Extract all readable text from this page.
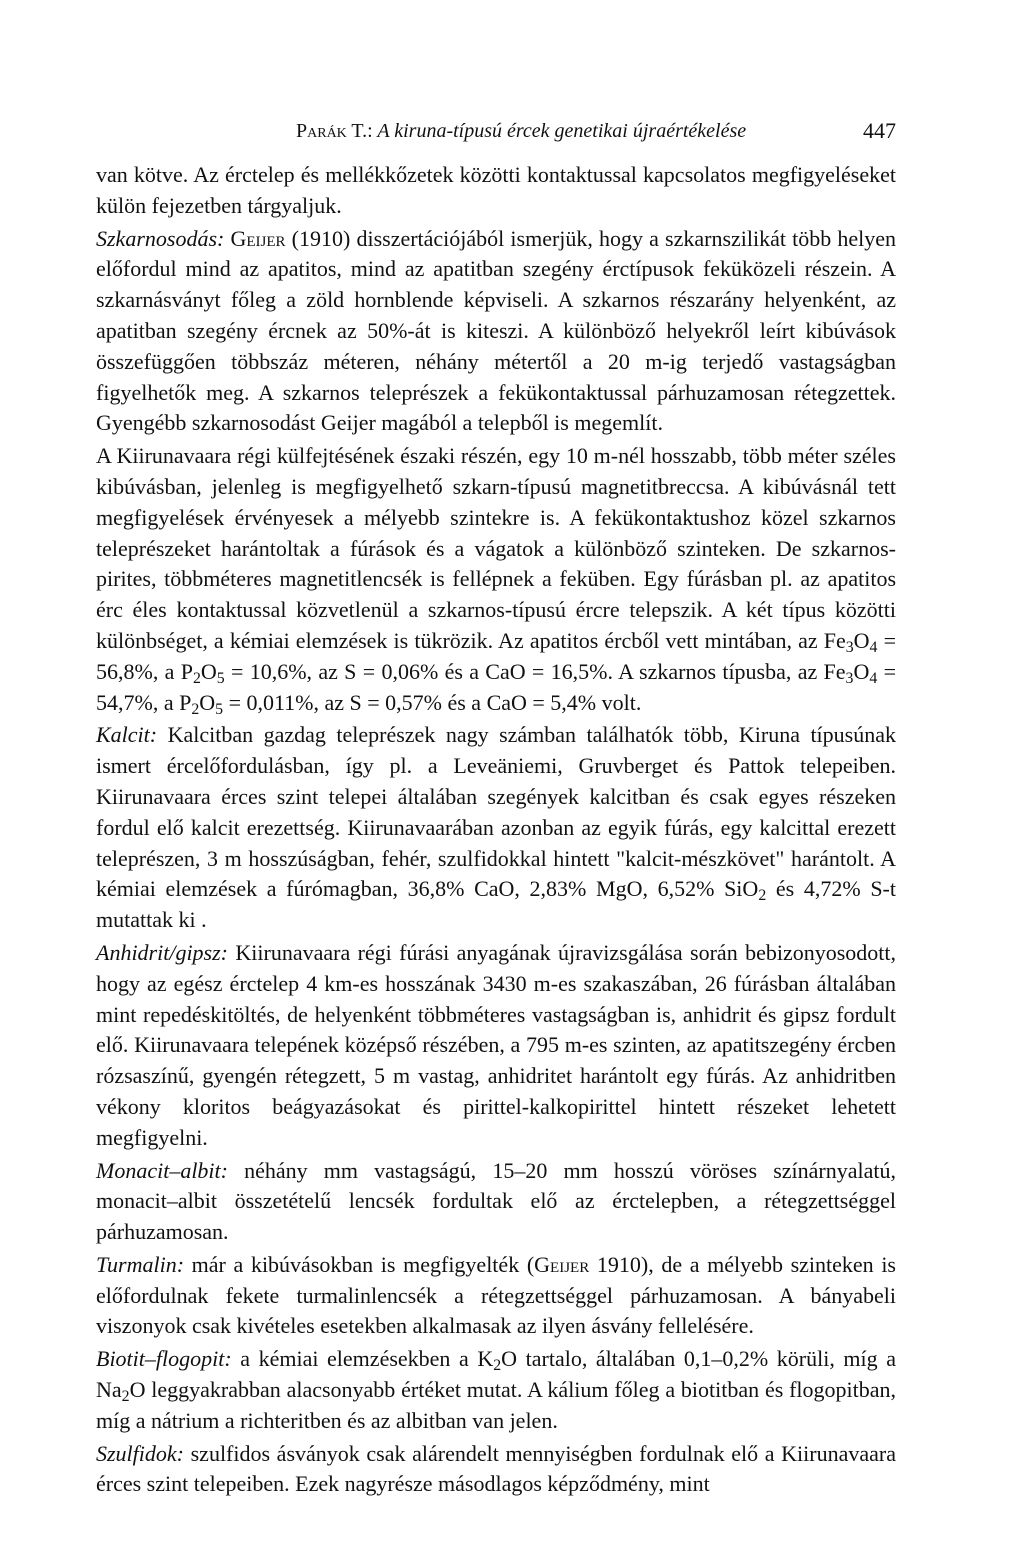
Parák T.: A kiruna-típusú ércek genetikai újraértékelése	447

van kötve. Az érctelep és mellékkőzetek közötti kontaktussal kapcsolatos megfigyeléseket külön fejezetben tárgyaljuk.

Szkarnosodás: Geijer (1910) disszertációjából ismerjük, hogy a szkarnszilikát több helyen előfordul mind az apatitos, mind az apatitban szegény érctípusok feküközeli részein. A szkarnásványt főleg a zöld hornblende képviseli. A szkarnos részarány helyenként, az apatitban szegény ércnek az 50%-át is kiteszi. A különböző helyekről leírt kibúvások összefüggően többszáz méteren, néhány métertől a 20 m-ig terjedő vastagságban figyelhetők meg. A szkarnos teleprészek a fekükontaktussal párhuzamosan rétegzettek. Gyengébb szkarnosodást Geijer magából a telepből is megemlít.

A Kiirunavaara régi külfejtésének északi részén, egy 10 m-nél hosszabb, több méter széles kibúvásban, jelenleg is megfigyelhető szkarn-típusú magnetitbreccsa. A kibúvásnál tett megfigyelések érvényesek a mélyebb szintekre is. A fekükontaktushoz közel szkarnos teleprészeket harántoltak a fúrások és a vágatok a különböző szinteken. De szkarnos-pirites, többméteres magnetitlencsék is fellépnek a feküben. Egy fúrásban pl. az apatitos érc éles kontaktussal közvetlenül a szkarnos-típusú ércre telepszik. A két típus közötti különbséget, a kémiai elemzések is tükrözik. Az apatitos ércből vett mintában, az $Fe_3O_4 = 56,8\%$, a $P_2O_5 = 10,6\%$, az S = 0,06% és a CaO = 16,5%. A szkarnos típusba, az $Fe_3O_4 = 54,7\%$, a $P_2O_5 = 0,011\%$, az S = 0,57% és a CaO = 5,4% volt.

Kalcit: Kalcitban gazdag teleprészek nagy számban találhatók több, Kiruna típusúnak ismert ércelőfordulásban, így pl. a Leveäniemi, Gruvberget és Pattok telepeiben. Kiirunavaara érces szint telepei általában szegények kalcitban és csak egyes részeken fordul elő kalcit erezettség. Kiirunavaarában azonban az egyik fúrás, egy kalcittal erezett teleprészen, 3 m hosszúságban, fehér, szulfidokkal hintett "kalcit-mészkövet" harántolt. A kémiai elemzések a fúrómagban, 36,8% CaO, 2,83% MgO, 6,52% SiO$_2$ és 4,72% S-t mutattak ki .

Anhidrit/gipsz: Kiirunavaara régi fúrási anyagának újravizsgálása során bebizonyosodott, hogy az egész érctelep 4 km-es hosszának 3430 m-es szakaszában, 26 fúrásban általában mint repedéskitöltés, de helyenként többméteres vastagságban is, anhidrit és gipsz fordult elő. Kiirunavaara telepének középső részében, a 795 m-es szinten, az apatitszegény ércben rózsaszínű, gyengén rétegzett, 5 m vastag, anhidritet harántolt egy fúrás. Az anhidritben vékony kloritos beágyazásokat és pirittel-kalkopirittel hintett részeket lehetett megfigyelni.

Monacit–albit: néhány mm vastagságú, 15–20 mm hosszú vöröses színárnyalatú, monacit–albit összetételű lencsék fordultak elő az érctelepben, a rétegzettséggel párhuzamosan.

Turmalin: már a kibúvásokban is megfigyelték (Geijer 1910), de a mélyebb szinteken is előfordulnak fekete turmalinlencsék a rétegzettséggel párhuzamosan. A bányabeli viszonyok csak kivételes esetekben alkalmasak az ilyen ásvány fellelésére.

Biotit–flogopit: a kémiai elemzésekben a $K_2O$ tartalo, általában 0,1–0,2% körüli, míg a $Na_2O$ leggyakrabban alacsonyabb értéket mutat. A kálium főleg a biotitban és flogopitban, míg a nátrium a richteritben és az albitban van jelen.

Szulfidok: szulfidos ásványok csak alárendelt mennyiségben fordulnak elő a Kiirunavaara érces szint telepeiben. Ezek nagyrésze másodlagos képződmény, mint
